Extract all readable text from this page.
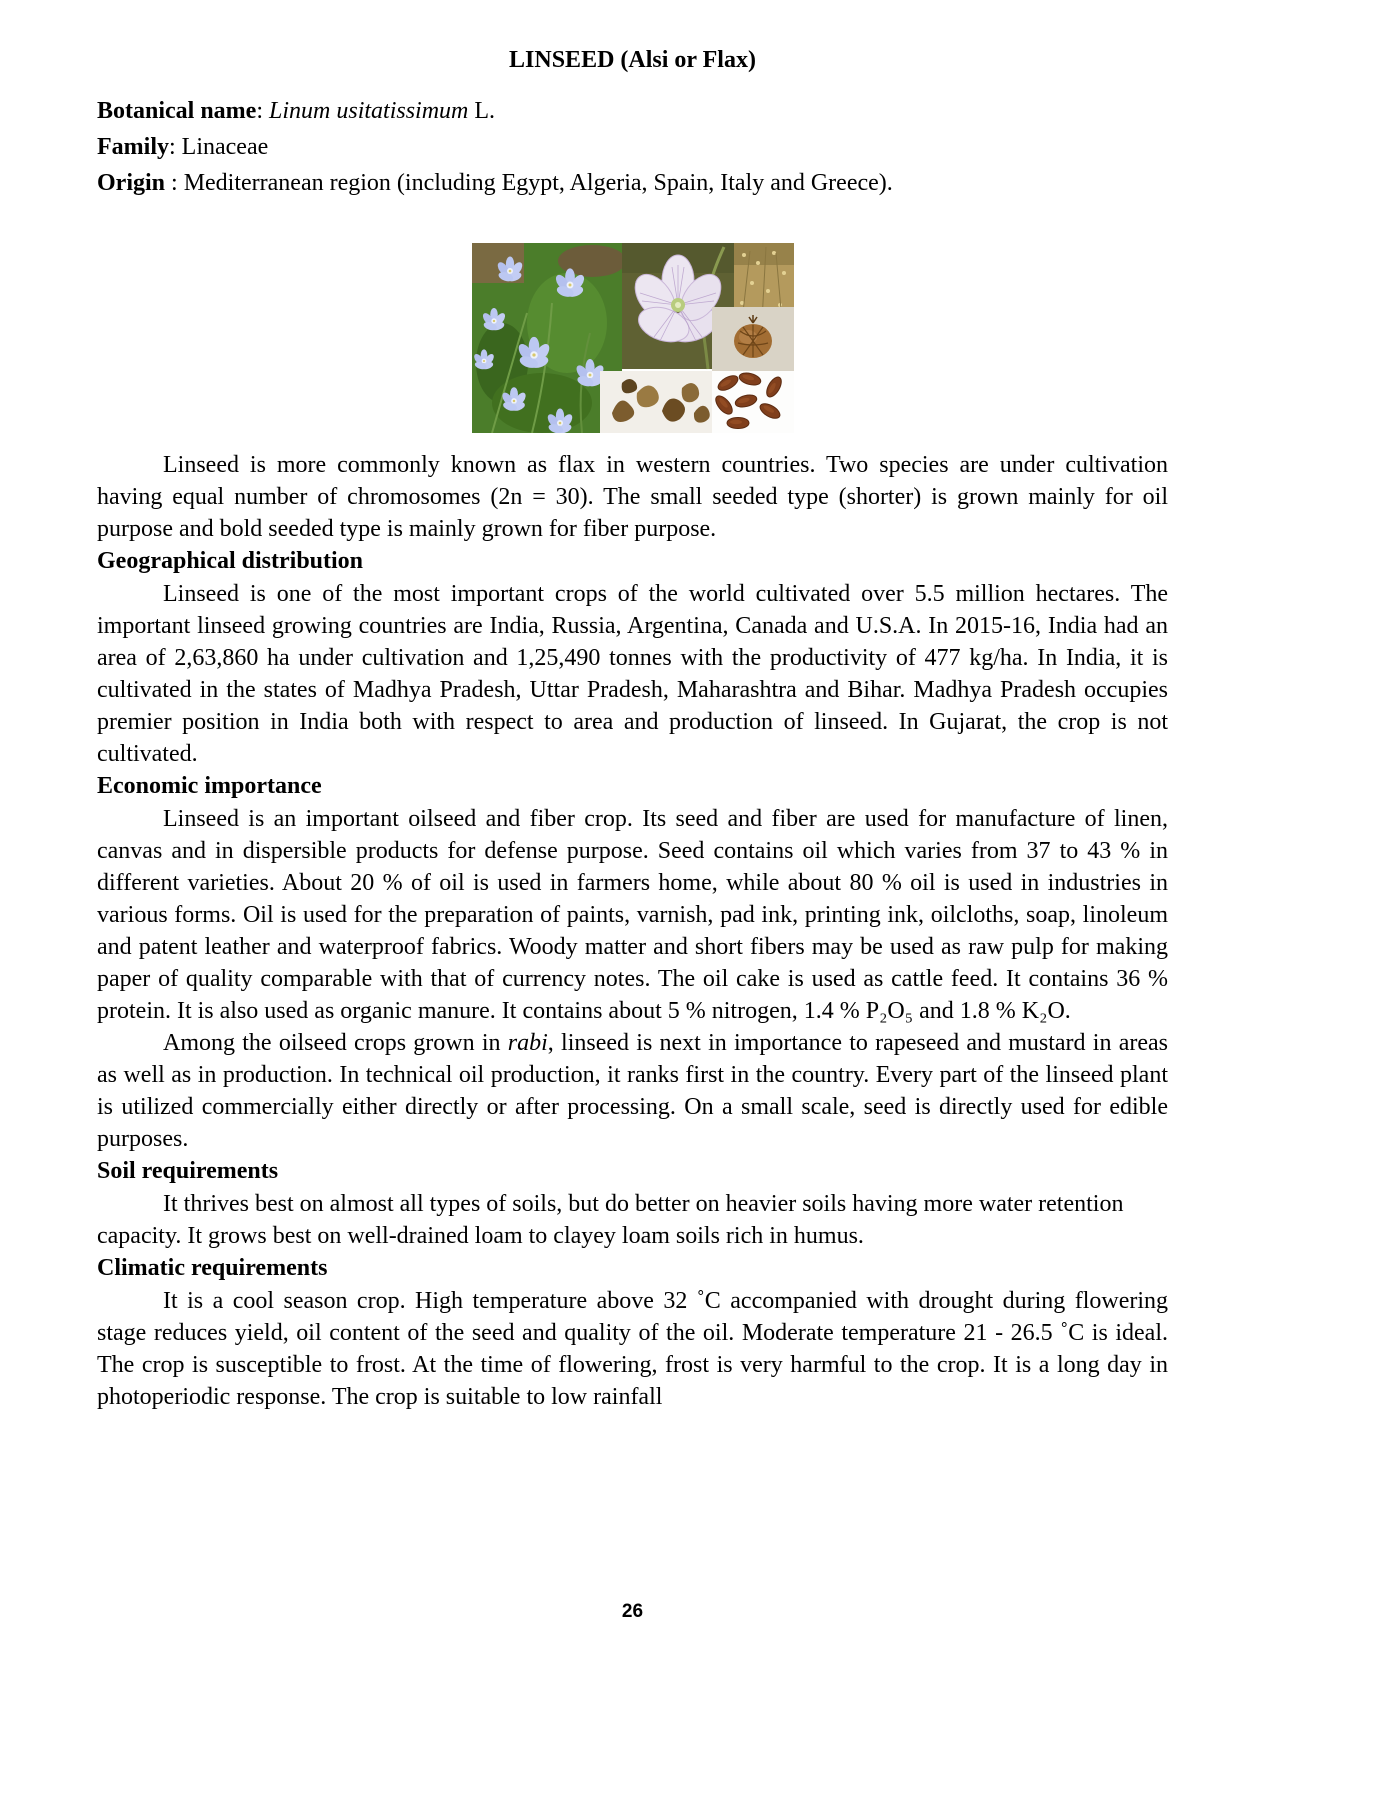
LINSEED (Alsi or Flax)

Botanical name: Linum usitatissimum L.

Family: Linaceae

Origin : Mediterranean region (including Egypt, Algeria, Spain, Italy and Greece).

Linseed is more commonly known as flax in western countries. Two species are under cultivation having equal number of chromosomes (2n = 30). The small seeded type (shorter) is grown mainly for oil purpose and bold seeded type is mainly grown for fiber purpose.

Geographical distribution

Linseed is one of the most important crops of the world cultivated over 5.5 million hectares. The important linseed growing countries are India, Russia, Argentina, Canada and U.S.A. In 2015-16, India had an area of 2,63,860 ha under cultivation and 1,25,490 tonnes with the productivity of 477 kg/ha. In India, it is cultivated in the states of Madhya Pradesh, Uttar Pradesh, Maharashtra and Bihar. Madhya Pradesh occupies premier position in India both with respect to area and production of linseed. In Gujarat, the crop is not cultivated.

Economic importance

Linseed is an important oilseed and fiber crop. Its seed and fiber are used for manufacture of linen, canvas and in dispersible products for defense purpose. Seed contains oil which varies from 37 to 43 % in different varieties. About 20 % of oil is used in farmers home, while about 80 % oil is used in industries in various forms. Oil is used for the preparation of paints, varnish, pad ink, printing ink, oilcloths, soap, linoleum and patent leather and waterproof fabrics. Woody matter and short fibers may be used as raw pulp for making paper of quality comparable with that of currency notes. The oil cake is used as cattle feed. It contains 36 % protein. It is also used as organic manure. It contains about 5 % nitrogen, 1.4 % P₂O₅ and 1.8 % K₂O.

Among the oilseed crops grown in rabi, linseed is next in importance to rapeseed and mustard in areas as well as in production. In technical oil production, it ranks first in the country. Every part of the linseed plant is utilized commercially either directly or after processing. On a small scale, seed is directly used for edible purposes.

Soil requirements

It thrives best on almost all types of soils, but do better on heavier soils having more water retention capacity. It grows best on well-drained loam to clayey loam soils rich in humus.

Climatic requirements

It is a cool season crop. High temperature above 32 ˚C accompanied with drought during flowering stage reduces yield, oil content of the seed and quality of the oil. Moderate temperature 21 - 26.5 ˚C is ideal. The crop is susceptible to frost. At the time of flowering, frost is very harmful to the crop. It is a long day in photoperiodic response. The crop is suitable to low rainfall

26
